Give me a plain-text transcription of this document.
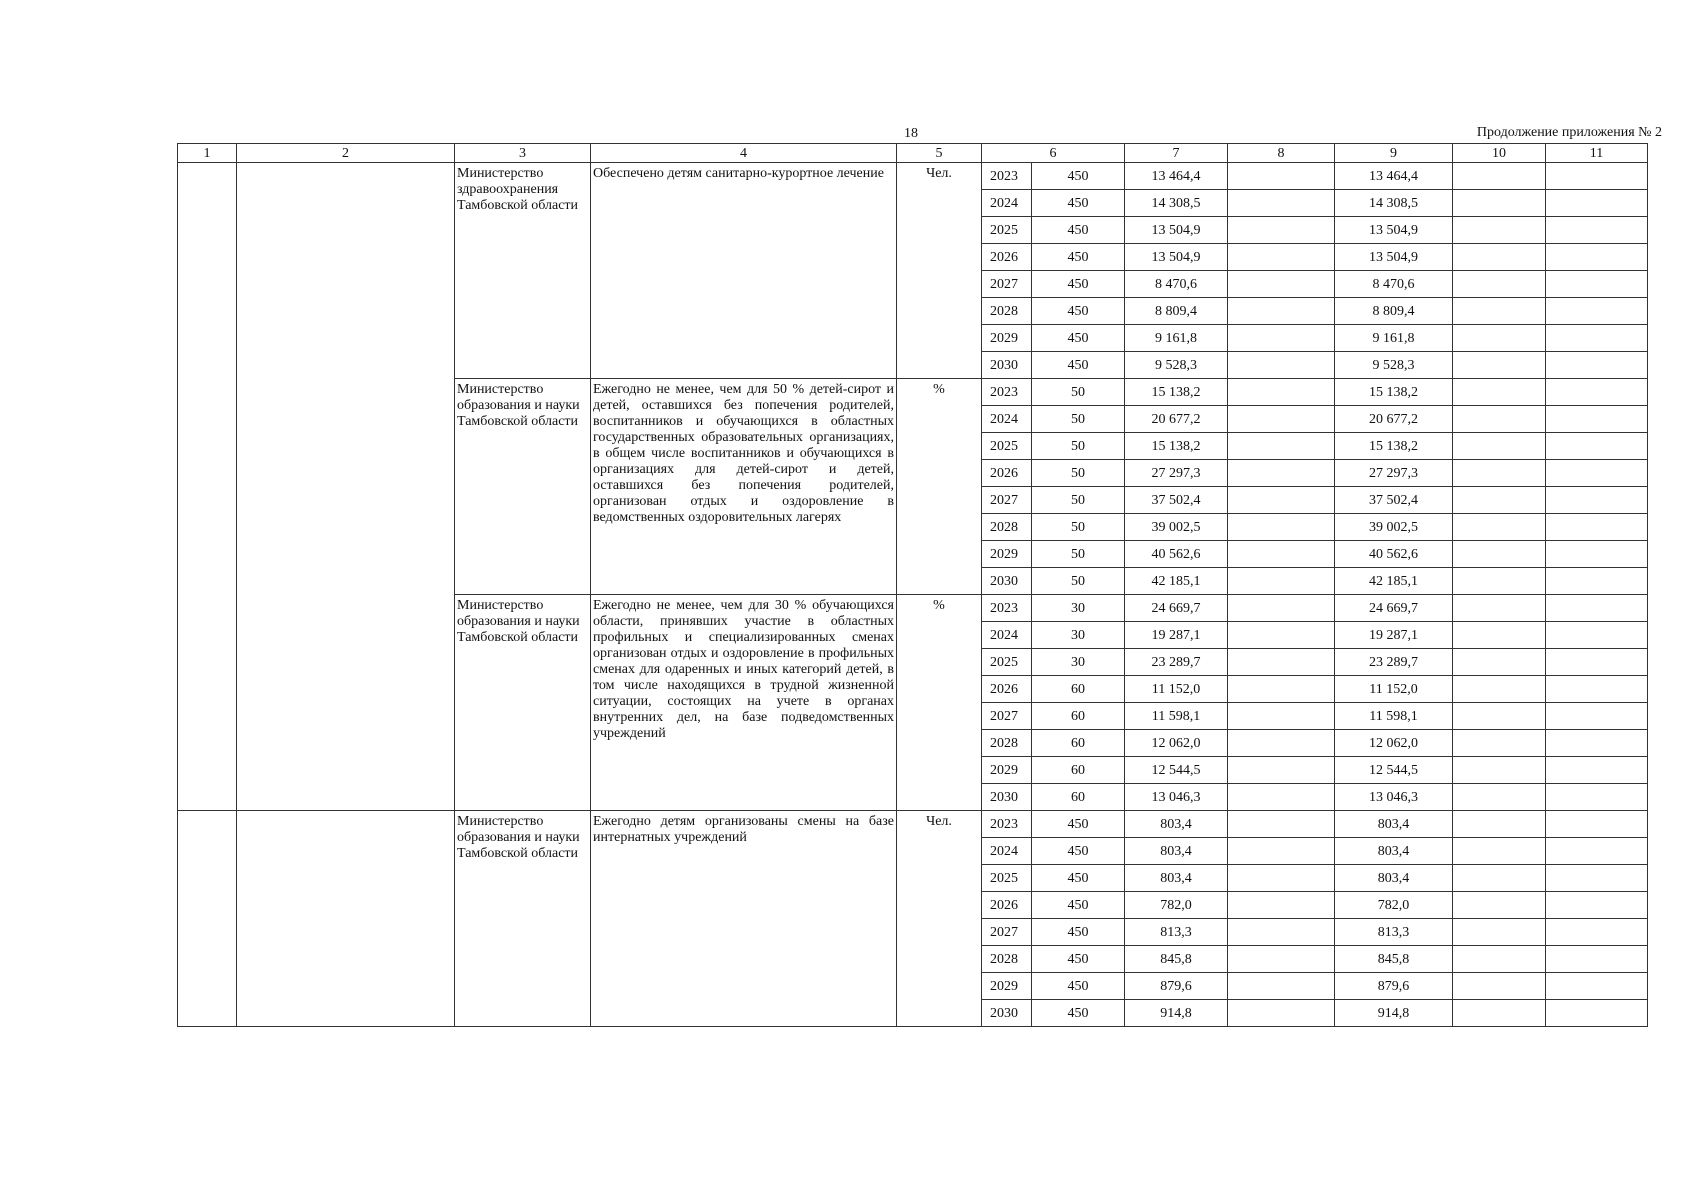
18	Продолжение приложения № 2
1	2	3	4	5	6		7	8	9	10	11
		Министерство здравоохранения Тамбовской области	Обеспечено детям санитарно-курортное лечение	Чел.	2023	450	13 464,4		13 464,4		
					2024	450	14 308,5		14 308,5		
					2025	450	13 504,9		13 504,9		
					2026	450	13 504,9		13 504,9		
					2027	450	8 470,6		8 470,6		
					2028	450	8 809,4		8 809,4		
					2029	450	9 161,8		9 161,8		
					2030	450	9 528,3		9 528,3		
		Министерство образования и науки Тамбовской области	Ежегодно не менее, чем для 50 % детей-сирот и детей, оставшихся без попечения родителей, воспитанников и обучающихся в областных государственных образовательных организациях, в общем числе воспитанников и обучающихся в организациях для детей-сирот и детей, оставшихся без попечения родителей, организован отдых и оздоровление в ведомственных оздоровительных лагерях	%	2023	50	15 138,2		15 138,2		
					2024	50	20 677,2		20 677,2		
					2025	50	15 138,2		15 138,2		
					2026	50	27 297,3		27 297,3		
					2027	50	37 502,4		37 502,4		
					2028	50	39 002,5		39 002,5		
					2029	50	40 562,6		40 562,6		
					2030	50	42 185,1		42 185,1		
		Министерство образования и науки Тамбовской области	Ежегодно не менее, чем для 30 % обучающихся области, принявших участие в областных профильных и специализированных сменах организован отдых и оздоровление в профильных сменах для одаренных и иных категорий детей, в том числе находящихся в трудной жизненной ситуации, состоящих на учете в органах внутренних дел, на базе подведомственных учреждений	%	2023	30	24 669,7		24 669,7		
					2024	30	19 287,1		19 287,1		
					2025	30	23 289,7		23 289,7		
					2026	60	11 152,0		11 152,0		
					2027	60	11 598,1		11 598,1		
					2028	60	12 062,0		12 062,0		
					2029	60	12 544,5		12 544,5		
					2030	60	13 046,3		13 046,3		
		Министерство образования и науки Тамбовской области	Ежегодно детям организованы смены на базе интернатных учреждений	Чел.	2023	450	803,4		803,4		
					2024	450	803,4		803,4		
					2025	450	803,4		803,4		
					2026	450	782,0		782,0		
					2027	450	813,3		813,3		
					2028	450	845,8		845,8		
					2029	450	879,6		879,6		
					2030	450	914,8		914,8		
